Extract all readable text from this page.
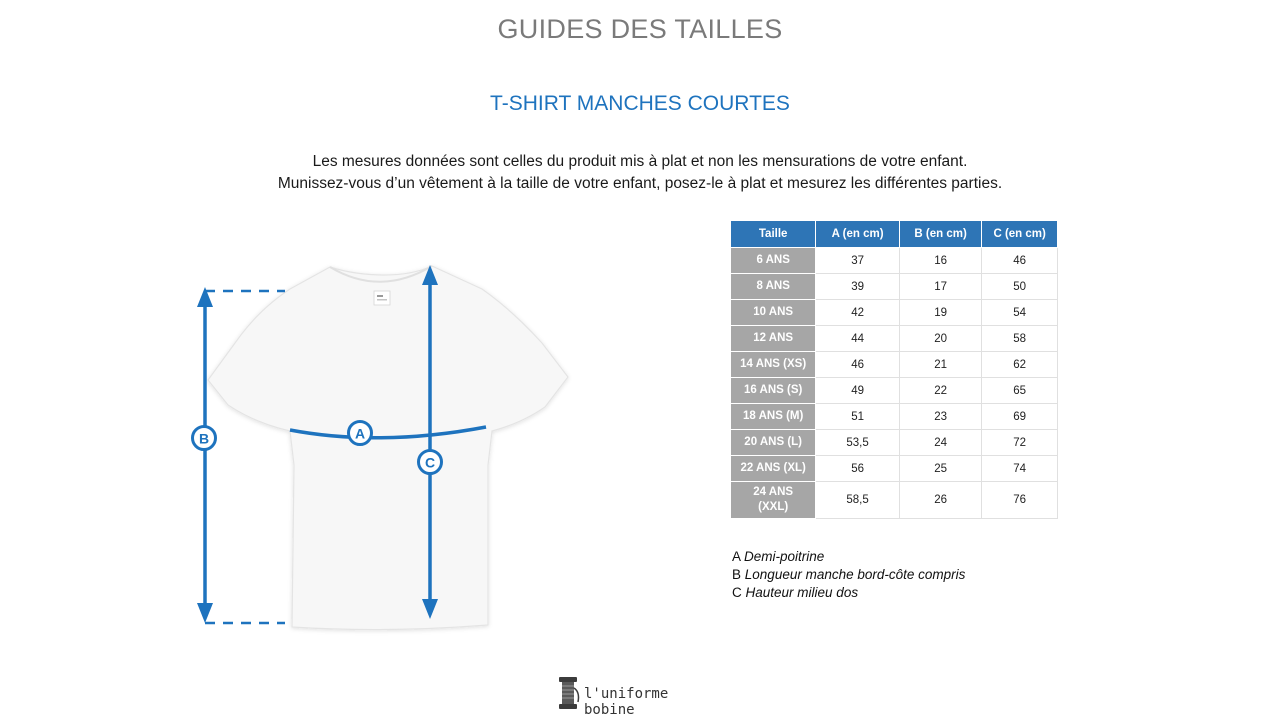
GUIDES DES TAILLES
T-SHIRT MANCHES COURTES

Les mesures données sont celles du produit mis à plat et non les mensurations de votre enfant.

Munissez-vous d’un vêtement à la taille de votre enfant, posez-le à plat et mesurez les différentes parties.

B	A
C
Taille	A (en cm)	B (en cm)	C (en cm)
6 ANS	37	16	46
8 ANS	39	17	50
10 ANS	42	19	54
12 ANS	44	20	58
14 ANS (XS)	46	21	62
16 ANS (S)	49	22	65
18 ANS (M)	51	23	69
20 ANS (L)	53,5	24	72
22 ANS (XL)	56	25	74
24 ANS (XXL)	58,5	26	76
A Demi-poitrine
B Longueur manche bord-côte compris
C Hauteur milieu dos
l'uniforme bobine
